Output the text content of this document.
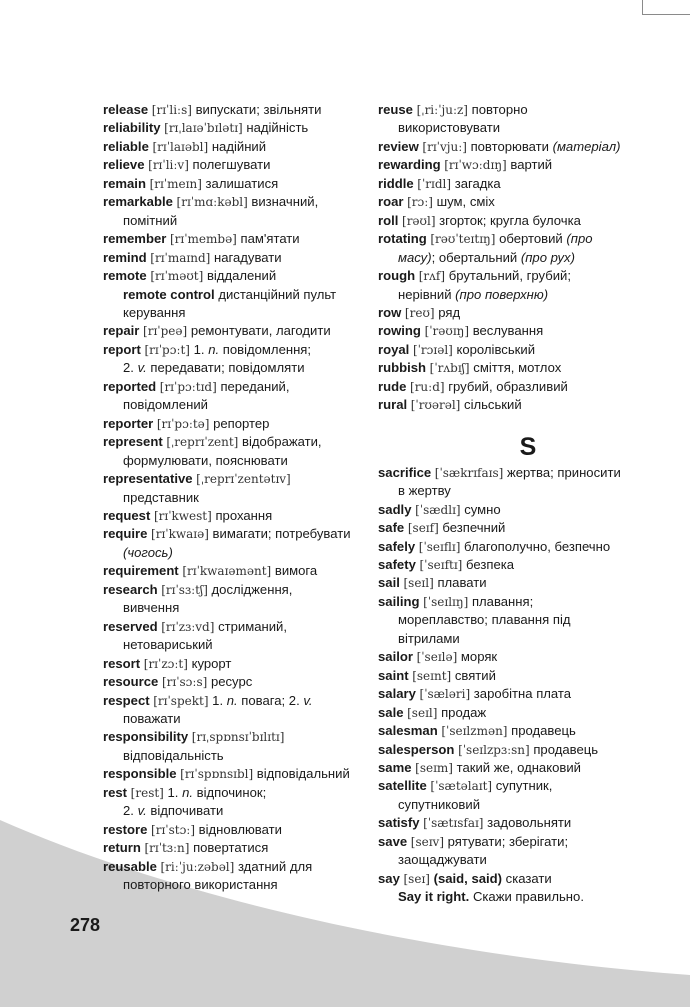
release [rɪˈliːs] випускати; звільняти
reliability [rɪˌlaɪəˈbɪlətɪ] надійність
reliable [rɪˈlaɪəbl] надійний
relieve [rɪˈliːv] полегшувати
remain [rɪˈmeɪn] залишатися
remarkable [rɪˈmɑːkəbl] визначний,
помітний
remember [rɪˈmembə] пам'ятати
remind [rɪˈmaɪnd] нагадувати
remote [rɪˈməʊt] віддалений
remote control дистанційний пульт
керування
repair [rɪˈpeə] ремонтувати, лагодити
report [rɪˈpɔːt] 1. n. повідомлення;
2. v. передавати; повідомляти
reported [rɪˈpɔːtɪd] переданий,
повідомлений
reporter [rɪˈpɔːtə] репортер
represent [ˌreprɪˈzent] відображати,
формулювати, пояснювати
representative [ˌreprɪˈzentətɪv]
представник
request [rɪˈkwest] прохання
require [rɪˈkwaɪə] вимагати; потребувати
(чогось)
requirement [rɪˈkwaɪəmənt] вимога
research [rɪˈsɜːtʃ] дослідження,
вивчення
reserved [rɪˈzɜːvd] стриманий,
нетовариський
resort [rɪˈzɔːt] курорт
resource [rɪˈsɔːs] ресурс
respect [rɪˈspekt] 1. n. повага; 2. v.
поважати
responsibility [rɪˌspɒnsɪˈbɪlɪtɪ]
відповідальність
responsible [rɪˈspɒnsɪbl] відповідальний
rest [rest] 1. n. відпочинок;
2. v. відпочивати
restore [rɪˈstɔː] відновлювати
return [rɪˈtɜːn] повертатися
reusable [riːˈjuːzəbəl] здатний для
повторного використання
reuse [ˌriːˈjuːz] повторно
використовувати
review [rɪˈvjuː] повторювати (матеріал)
rewarding [rɪˈwɔːdɪŋ] вартий
riddle [ˈrɪdl] загадка
roar [rɔː] шум, сміх
roll [rəʊl] згорток; кругла булочка
rotating [rəʊˈteɪtɪŋ] обертовий (про
масу); обертальний (про рух)
rough [rʌf] брутальний, грубий;
нерівний (про поверхню)
row [reʊ] ряд
rowing [ˈrəʊɪŋ] веслування
royal [ˈrɔɪəl] королівський
rubbish [ˈrʌbɪʃ] сміття, мотлох
rude [ruːd] грубий, образливий
rural [ˈrʊərəl] сільський
S
sacrifice [ˈsækrɪfaɪs] жертва; приносити
в жертву
sadly [ˈsædlɪ] сумно
safe [seɪf] безпечний
safely [ˈseɪflɪ] благополучно, безпечно
safety [ˈseɪftɪ] безпека
sail [seɪl] плавати
sailing [ˈseɪlɪŋ] плавання;
мореплавство; плавання під
вітрилами
sailor [ˈseɪlə] моряк
saint [seɪnt] святий
salary [ˈsæləri] заробітна плата
sale [seɪl] продаж
salesman [ˈseɪlzmən] продавець
salesperson [ˈseɪlzpɜːsn] продавець
same [seɪm] такий же, однаковий
satellite [ˈsætəlaɪt] супутник,
супутниковий
satisfy [ˈsætɪsfaɪ] задовольняти
save [seɪv] рятувати; зберігати;
заощаджувати
say [seɪ] (said, said) сказати
Say it right. Скажи правильно.
278
